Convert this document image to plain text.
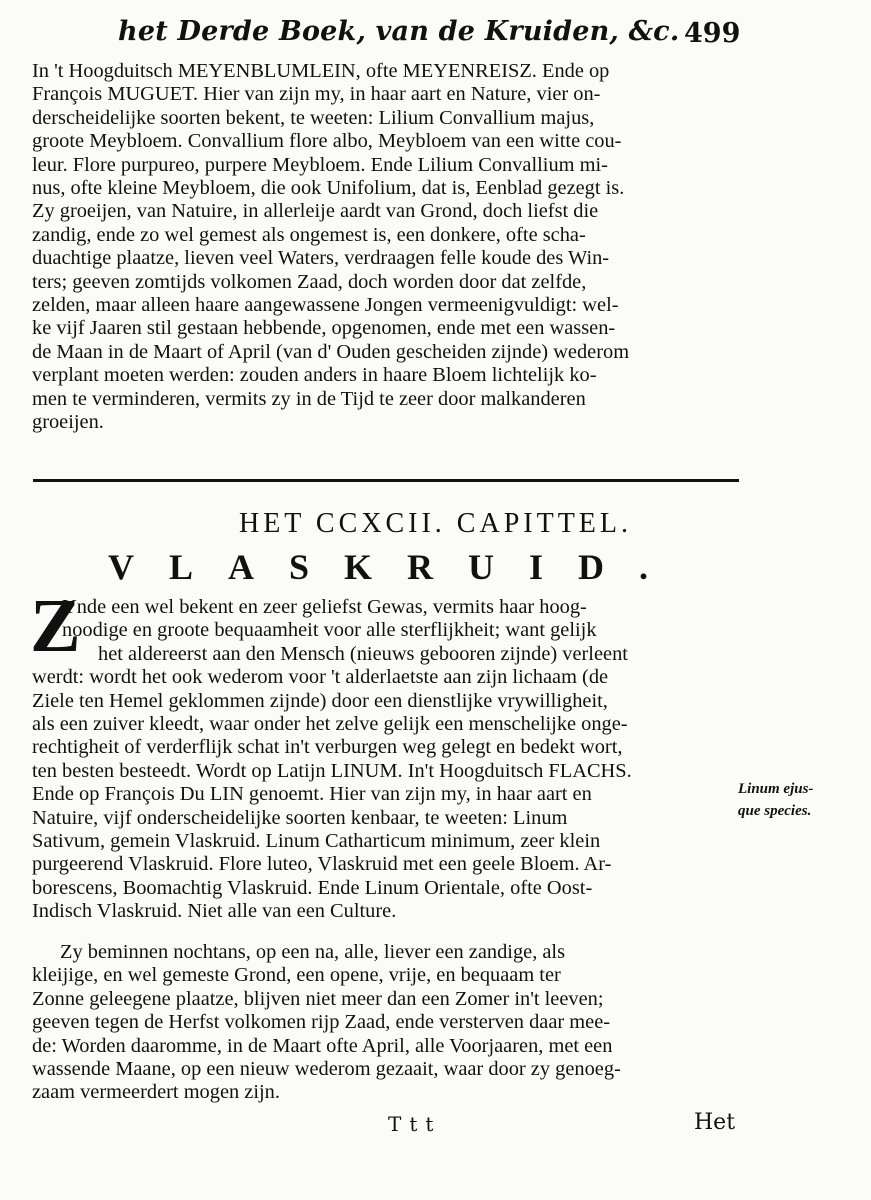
het Derde Boek, van de Kruiden, &c. 499

In 't Hoogduitsch MEYENBLUMLEIN, ofte MEYENREISZ. Ende op

François MUGUET. Hier van zijn my, in haar aart en Nature, vier on-

derscheidelijke soorten bekent, te weeten: Lilium Convallium majus,

groote Meybloem. Convallium flore albo, Meybloem van een witte cou-

leur. Flore purpureo, purpere Meybloem. Ende Lilium Convallium mi-

nus, ofte kleine Meybloem, die ook Unifolium, dat is, Eenblad gezegt is.

Zy groeijen, van Natuire, in allerleije aardt van Grond, doch liefst die

zandig, ende zo wel gemest als ongemest is, een donkere, ofte scha-

duachtige plaatze, lieven veel Waters, verdraagen felle koude des Win-

ters; geeven zomtijds volkomen Zaad, doch worden door dat zelfde,

zelden, maar alleen haare aangewassene Jongen vermeenigvuldigt: wel-

ke vijf Jaaren stil gestaan hebbende, opgenomen, ende met een wassen-

de Maan in de Maart of April (van d' Ouden gescheiden zijnde) wederom

verplant moeten werden: zouden anders in haare Bloem lichtelijk ko-

men te verminderen, vermits zy in de Tijd te zeer door malkanderen

groeijen.

HET CCXCII. CAPITTEL.
V L A S K R U I D .
Z

Ynde een wel bekent en zeer geliefst Gewas, vermits haar hoog-

noodige en groote bequaamheit voor alle sterflijkheit; want gelijk

het aldereerst aan den Mensch (nieuws gebooren zijnde) verleent

werdt: wordt het ook wederom voor 't alderlaetste aan zijn lichaam (de

Ziele ten Hemel geklommen zijnde) door een dienstlijke vrywilligheit,

als een zuiver kleedt, waar onder het zelve gelijk een menschelijke onge-

rechtigheit of verderflijk schat in't verburgen weg gelegt en bedekt wort,

ten besten besteedt. Wordt op Latijn LINUM. In't Hoogduitsch FLACHS.

Ende op François Du LIN genoemt. Hier van zijn my, in haar aart en

Natuire, vijf onderscheidelijke soorten kenbaar, te weeten: Linum

Sativum, gemein Vlaskruid. Linum Catharticum minimum, zeer klein

purgeerend Vlaskruid. Flore luteo, Vlaskruid met een geele Bloem. Ar-

borescens, Boomachtig Vlaskruid. Ende Linum Orientale, ofte Oost-

Indisch Vlaskruid. Niet alle van een Culture.

Linum ejus-
que species.

Zy beminnen nochtans, op een na, alle, liever een zandige, als

kleijige, en wel gemeste Grond, een opene, vrije, en bequaam ter

Zonne geleegene plaatze, blijven niet meer dan een Zomer in't leeven;

geeven tegen de Herfst volkomen rijp Zaad, ende versterven daar mee-

de: Worden daaromme, in de Maart ofte April, alle Voorjaaren, met een

wassende Maane, op een nieuw wederom gezaait, waar door zy genoeg-

zaam vermeerdert mogen zijn.

Ttt	Het
